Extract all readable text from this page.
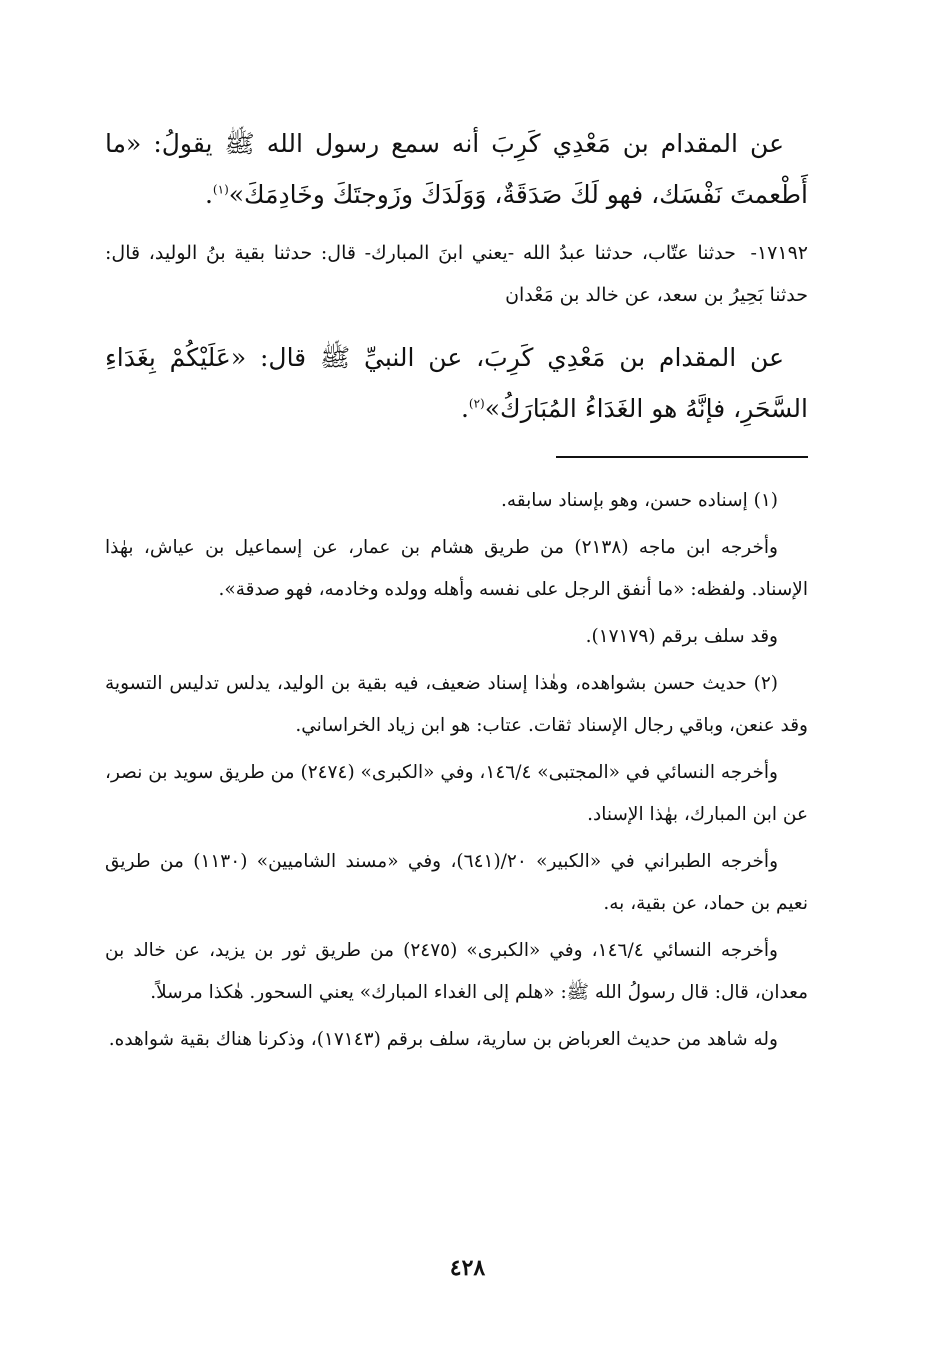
عن المقدام بن مَعْدِي كَرِبَ أنه سمع رسول الله ﷺ يقولُ: «ما أَطْعمتَ نَفْسَك، فهو لَكَ صَدَقَةٌ، وَوَلَدَكَ وزَوجتَكَ وخَادِمَكَ»$^{(١)}$.

١٧١٩٢- حدثنا عتّاب، حدثنا عبدُ الله -يعني ابنَ المبارك- قال: حدثنا بقية بنُ الوليد، قال: حدثنا بَحِيرُ بن سعد، عن خالد بن مَعْدان

عن المقدام بن مَعْدِي كَرِبَ، عن النبيِّ ﷺ قال: «عَلَيْكُمْ بِغَدَاءِ السَّحَرِ، فإنَّهُ هو الغَدَاءُ المُبَارَكُ»$^{(٢)}$.

(١) إسناده حسن، وهو بإسناد سابقه.

وأخرجه ابن ماجه (٢١٣٨) من طريق هشام بن عمار، عن إسماعيل بن عياش، بهٰذا الإسناد. ولفظه: «ما أنفق الرجل على نفسه وأهله وولده وخادمه، فهو صدقة».

وقد سلف برقم (١٧١٧٩).

(٢) حديث حسن بشواهده، وهٰذا إسناد ضعيف، فيه بقية بن الوليد، يدلس تدليس التسوية وقد عنعن، وباقي رجال الإسناد ثقات. عتاب: هو ابن زياد الخراساني.

وأخرجه النسائي في «المجتبى» ١٤٦/٤، وفي «الكبرى» (٢٤٧٤) من طريق سويد بن نصر، عن ابن المبارك، بهٰذا الإسناد.

وأخرجه الطبراني في «الكبير» ٢٠/(٦٤١)، وفي «مسند الشاميين» (١١٣٠) من طريق نعيم بن حماد، عن بقية، به.

وأخرجه النسائي ١٤٦/٤، وفي «الكبرى» (٢٤٧٥) من طريق ثور بن يزيد، عن خالد بن معدان، قال: قال رسولُ الله ﷺ: «هلم إلى الغداء المبارك» يعني السحور. هٰكذا مرسلاً.

وله شاهد من حديث العرباض بن سارية، سلف برقم (١٧١٤٣)، وذكرنا هناك بقية شواهده.

٤٢٨
